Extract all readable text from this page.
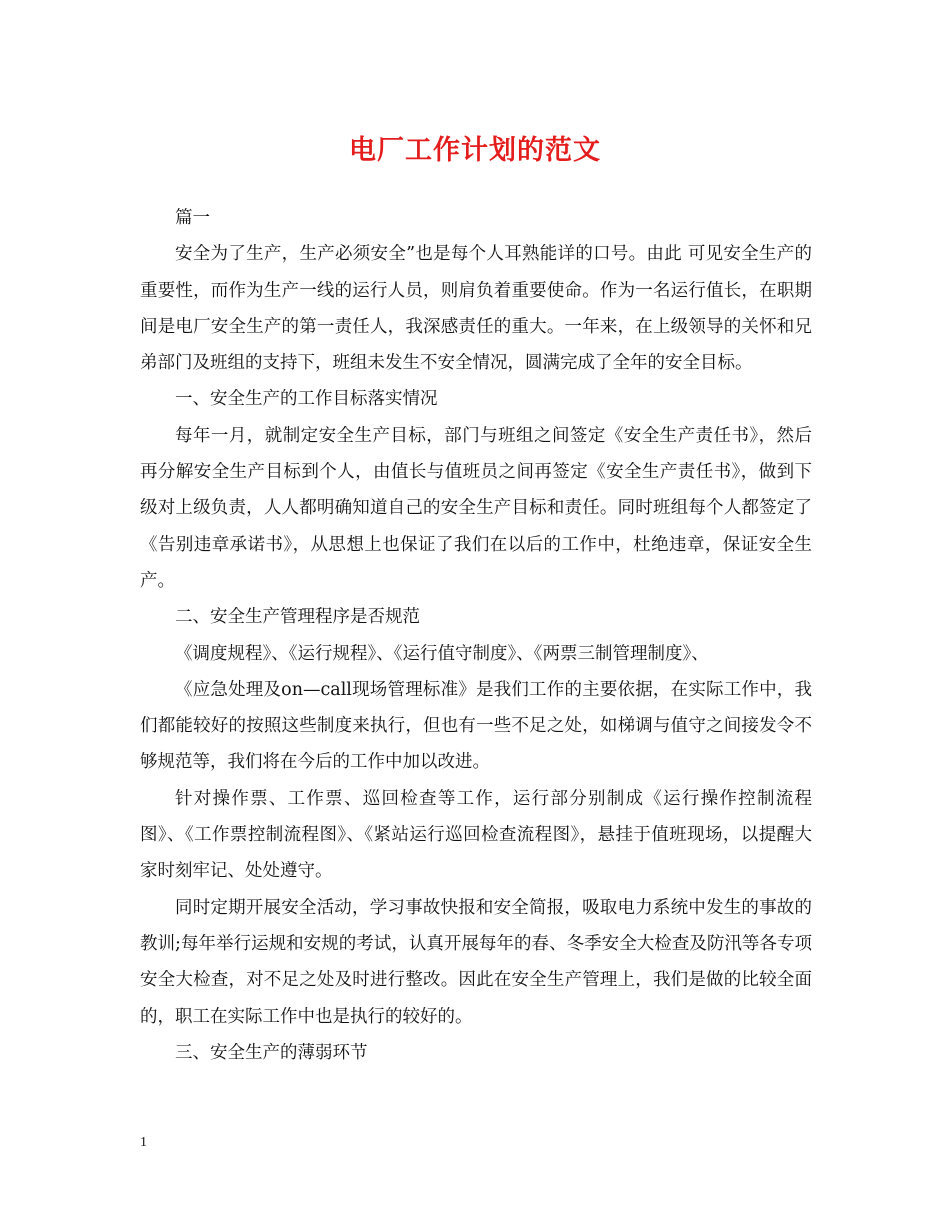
电厂工作计划的范文

篇一

安全为了生产，生产必须安全”也是每个人耳熟能详的口号。由此 可见安全生产的重要性，而作为生产一线的运行人员，则肩负着重要使命。作为一名运行值长，在职期间是电厂安全生产的第一责任人，我深感责任的重大。一年来，在上级领导的关怀和兄弟部门及班组的支持下，班组未发生不安全情况，圆满完成了全年的安全目标。

一、安全生产的工作目标落实情况

每年一月，就制定安全生产目标，部门与班组之间签定《安全生产责任书》，然后再分解安全生产目标到个人，由值长与值班员之间再签定《安全生产责任书》，做到下级对上级负责，人人都明确知道自己的安全生产目标和责任。同时班组每个人都签定了《告别违章承诺书》，从思想上也保证了我们在以后的工作中，杜绝违章，保证安全生产。

二、安全生产管理程序是否规范

《调度规程》、《运行规程》、《运行值守制度》、《两票三制管理制度》、

《应急处理及on—call现场管理标准》是我们工作的主要依据，在实际工作中，我们都能较好的按照这些制度来执行，但也有一些不足之处，如梯调与值守之间接发令不够规范等，我们将在今后的工作中加以改进。

针对操作票、工作票、巡回检查等工作，运行部分别制成《运行操作控制流程图》、《工作票控制流程图》、《紧站运行巡回检查流程图》，悬挂于值班现场，以提醒大家时刻牢记、处处遵守。

同时定期开展安全活动，学习事故快报和安全简报，吸取电力系统中发生的事故的教训;每年举行运规和安规的考试，认真开展每年的春、冬季安全大检查及防汛等各专项安全大检查，对不足之处及时进行整改。因此在安全生产管理上，我们是做的比较全面的，职工在实际工作中也是执行的较好的。

三、安全生产的薄弱环节

1
